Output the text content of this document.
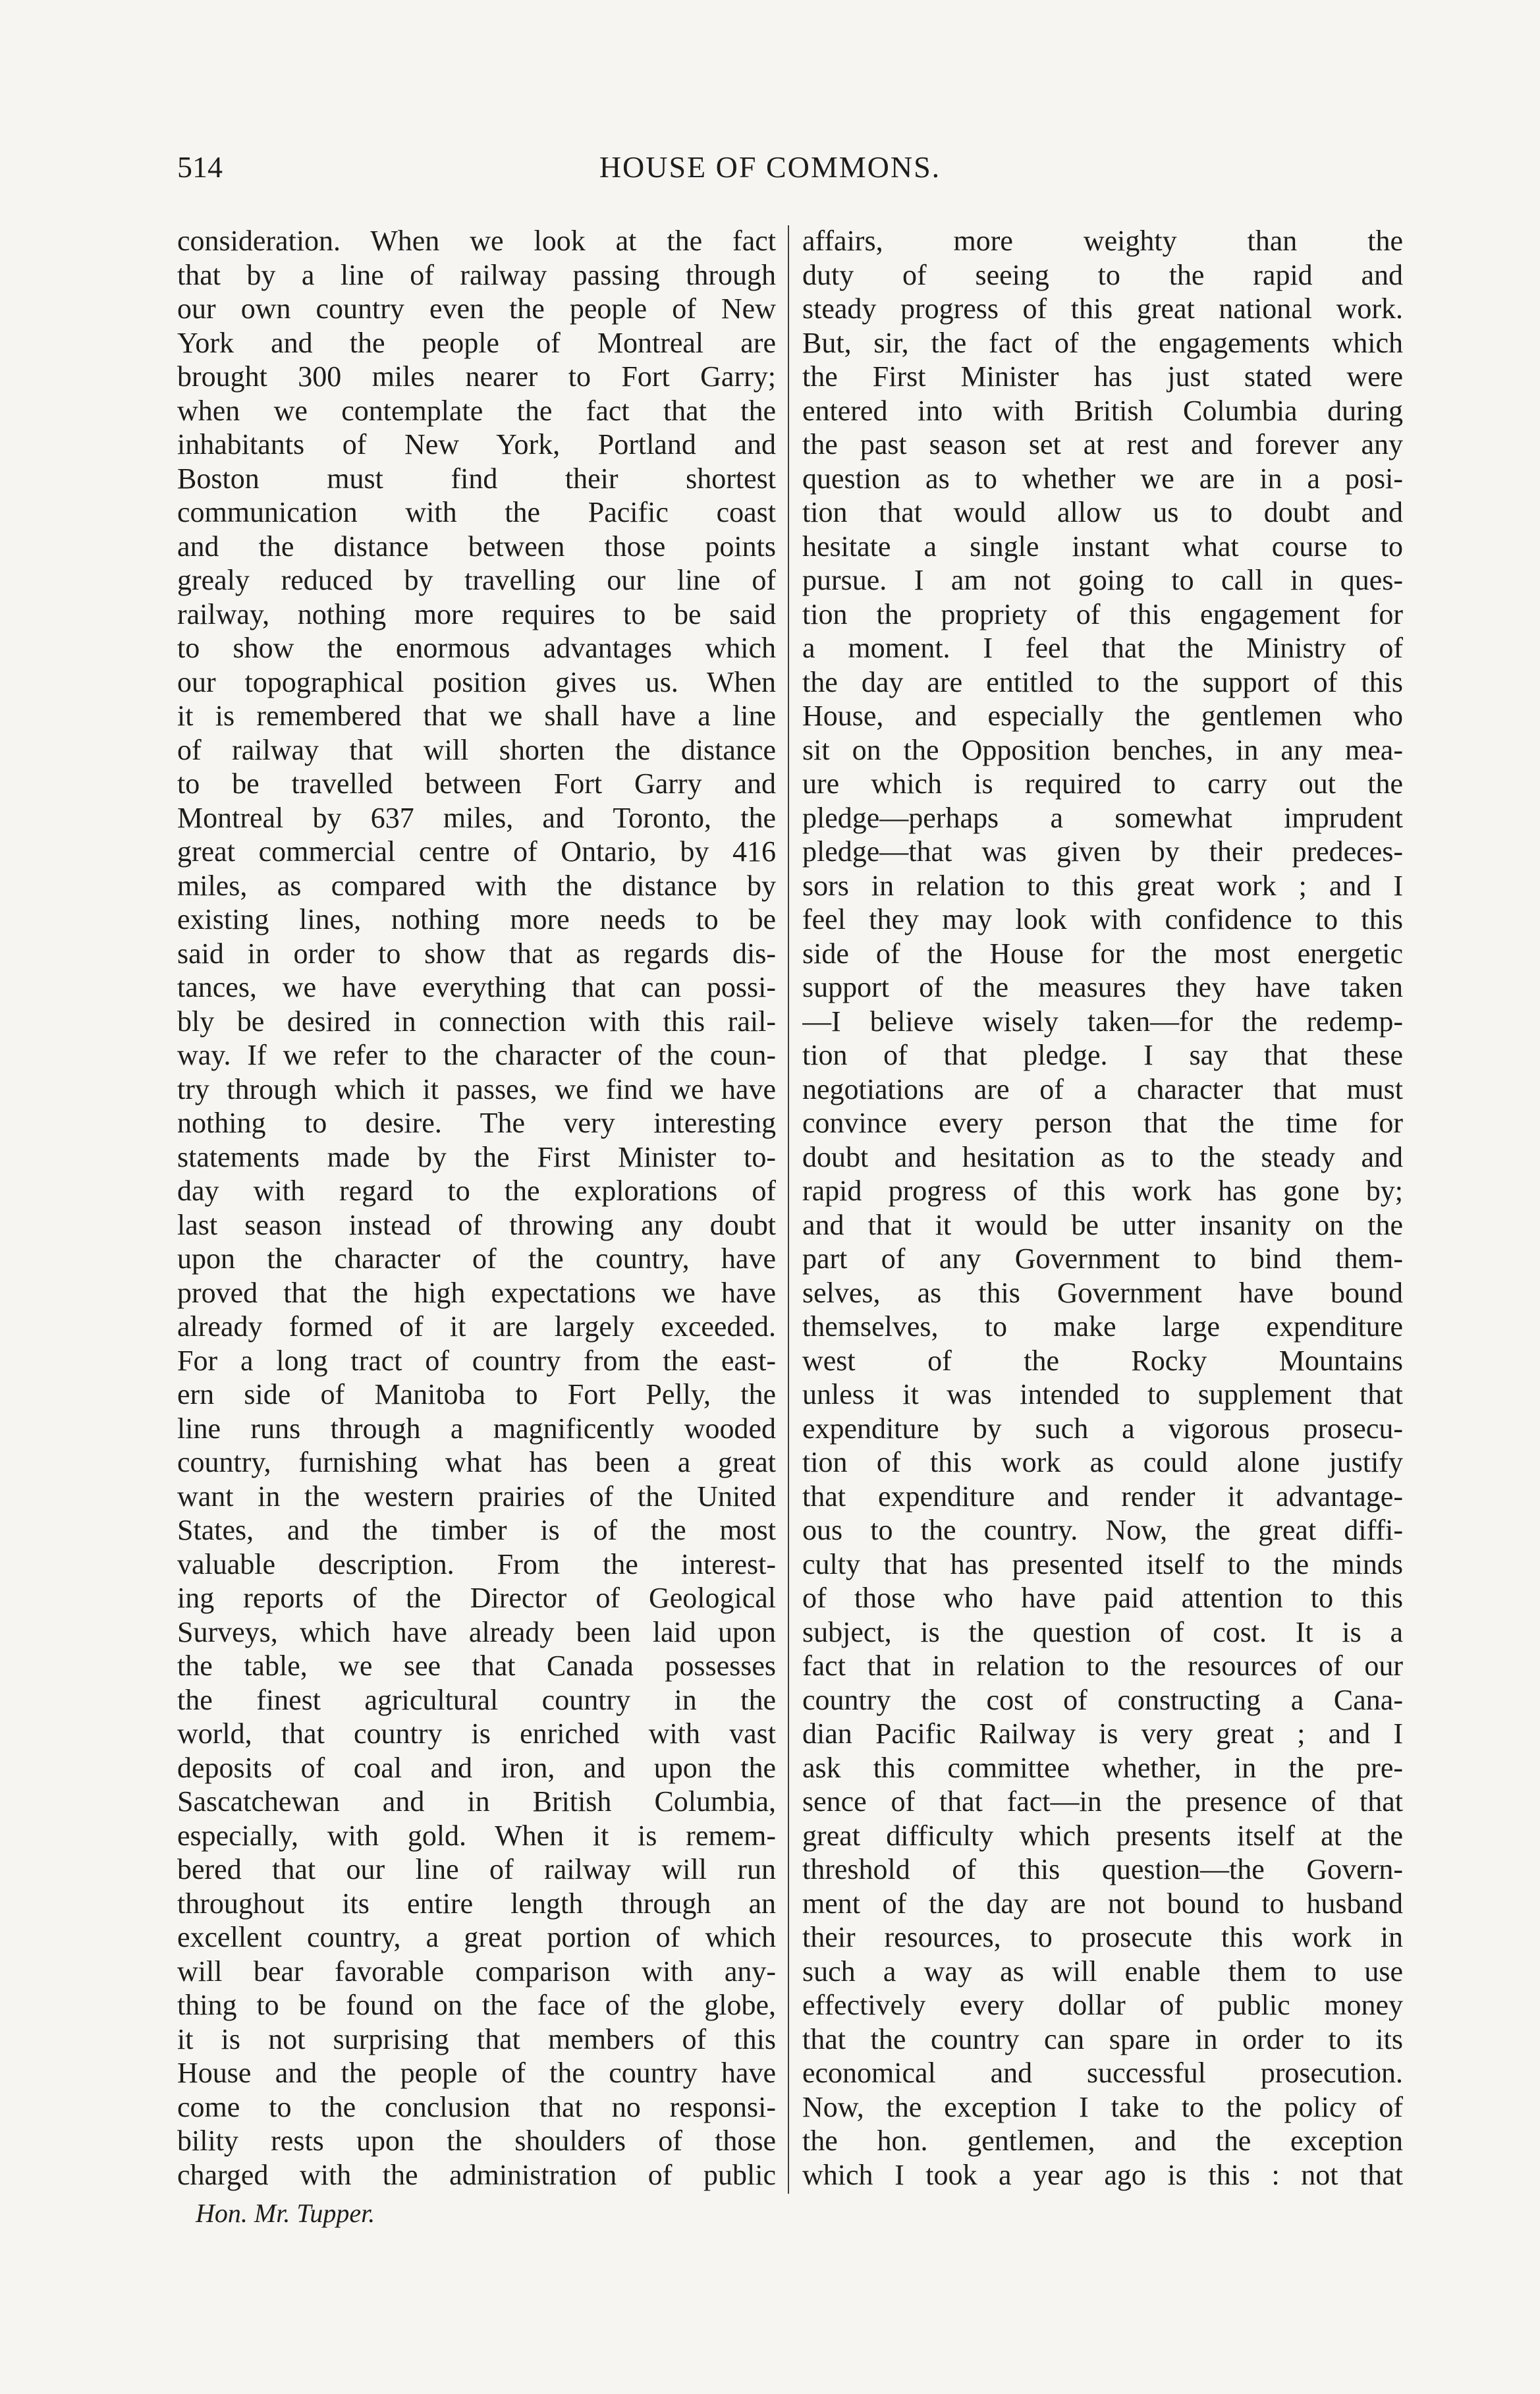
514	HOUSE OF COMMONS.
consideration. When we look at the fact
that by a line of railway passing through
our own country even the people of New
York and the people of Montreal are
brought 300 miles nearer to Fort Garry;
when we contemplate the fact that the
inhabitants of New York, Portland and
Boston must find their shortest
communication with the Pacific coast
and the distance between those points
grealy reduced by travelling our line of
railway, nothing more requires to be said
to show the enormous advantages which
our topographical position gives us. When
it is remembered that we shall have a line
of railway that will shorten the distance
to be travelled between Fort Garry and
Montreal by 637 miles, and Toronto, the
great commercial centre of Ontario, by 416
miles, as compared with the distance by
existing lines, nothing more needs to be
said in order to show that as regards dis-
tances, we have everything that can possi-
bly be desired in connection with this rail-
way. If we refer to the character of the coun-
try through which it passes, we find we have
nothing to desire. The very interesting
statements made by the First Minister to-
day with regard to the explorations of
last season instead of throwing any doubt
upon the character of the country, have
proved that the high expectations we have
already formed of it are largely exceeded.
For a long tract of country from the east-
ern side of Manitoba to Fort Pelly, the
line runs through a magnificently wooded
country, furnishing what has been a great
want in the western prairies of the United
States, and the timber is of the most
valuable description. From the interest-
ing reports of the Director of Geological
Surveys, which have already been laid upon
the table, we see that Canada possesses
the finest agricultural country in the
world, that country is enriched with vast
deposits of coal and iron, and upon the
Sascatchewan and in British Columbia,
especially, with gold. When it is remem-
bered that our line of railway will run
throughout its entire length through an
excellent country, a great portion of which
will bear favorable comparison with any-
thing to be found on the face of the globe,
it is not surprising that members of this
House and the people of the country have
come to the conclusion that no responsi-
bility rests upon the shoulders of those
charged with the administration of public
affairs, more weighty than the
duty of seeing to the rapid and
steady progress of this great national work.
But, sir, the fact of the engagements which
the First Minister has just stated were
entered into with British Columbia during
the past season set at rest and forever any
question as to whether we are in a posi-
tion that would allow us to doubt and
hesitate a single instant what course to
pursue. I am not going to call in ques-
tion the propriety of this engagement for
a moment. I feel that the Ministry of
the day are entitled to the support of this
House, and especially the gentlemen who
sit on the Opposition benches, in any mea-
ure which is required to carry out the
pledge—perhaps a somewhat imprudent
pledge—that was given by their predeces-
sors in relation to this great work ; and I
feel they may look with confidence to this
side of the House for the most energetic
support of the measures they have taken
—I believe wisely taken—for the redemp-
tion of that pledge. I say that these
negotiations are of a character that must
convince every person that the time for
doubt and hesitation as to the steady and
rapid progress of this work has gone by;
and that it would be utter insanity on the
part of any Government to bind them-
selves, as this Government have bound
themselves, to make large expenditure
west of the Rocky Mountains
unless it was intended to supplement that
expenditure by such a vigorous prosecu-
tion of this work as could alone justify
that expenditure and render it advantage-
ous to the country. Now, the great diffi-
culty that has presented itself to the minds
of those who have paid attention to this
subject, is the question of cost. It is a
fact that in relation to the resources of our
country the cost of constructing a Cana-
dian Pacific Railway is very great ; and I
ask this committee whether, in the pre-
sence of that fact—in the presence of that
great difficulty which presents itself at the
threshold of this question—the Govern-
ment of the day are not bound to husband
their resources, to prosecute this work in
such a way as will enable them to use
effectively every dollar of public money
that the country can spare in order to its
economical and successful prosecution.
Now, the exception I take to the policy of
the hon. gentlemen, and the exception
which I took a year ago is this : not that
Hon. Mr. Tupper.
